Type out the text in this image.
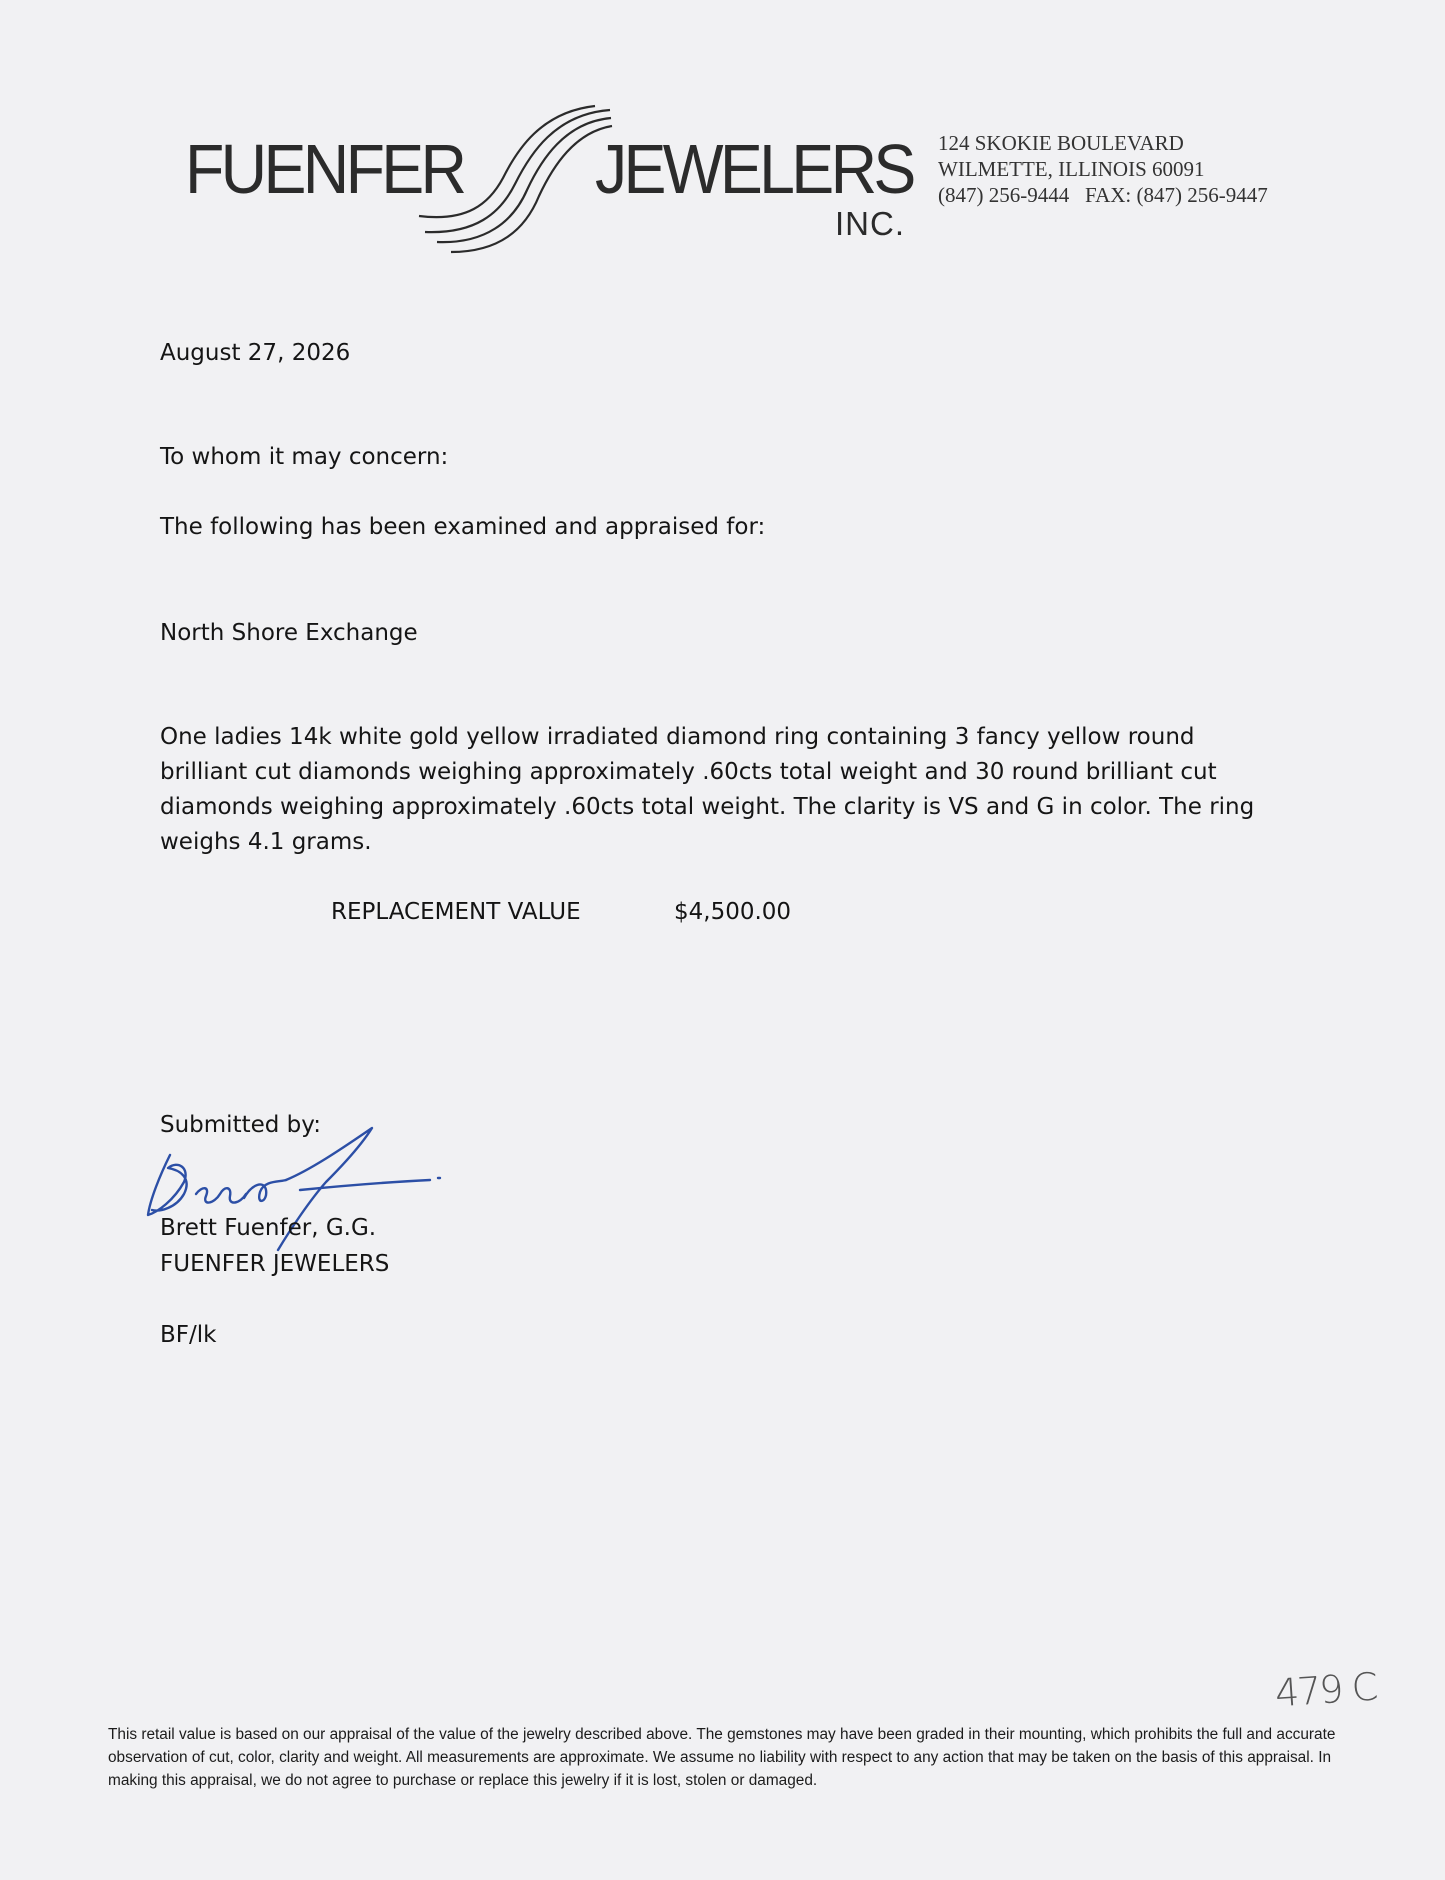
FUENFER JEWELERS
INC.
124 SKOKIE BOULEVARD
WILMETTE, ILLINOIS 60091
(847) 256-9444   FAX: (847) 256-9447
August 27, 2026
To whom it may concern:
The following has been examined and appraised for:
North Shore Exchange
One ladies 14k white gold yellow irradiated diamond ring containing 3 fancy yellow round brilliant cut diamonds weighing approximately .60cts total weight and 30 round brilliant cut diamonds weighing approximately .60cts total weight. The clarity is VS and G in color. The ring weighs 4.1 grams.
REPLACEMENT VALUE	$4,500.00
Submitted by:
Brett Fuenfer, G.G.
FUENFER JEWELERS
BF/lk
479 C
This retail value is based on our appraisal of the value of the jewelry described above. The gemstones may have been graded in their mounting, which prohibits the full and accurate observation of cut, color, clarity and weight. All measurements are approximate. We assume no liability with respect to any action that may be taken on the basis of this appraisal. In making this appraisal, we do not agree to purchase or replace this jewelry if it is lost, stolen or damaged.
